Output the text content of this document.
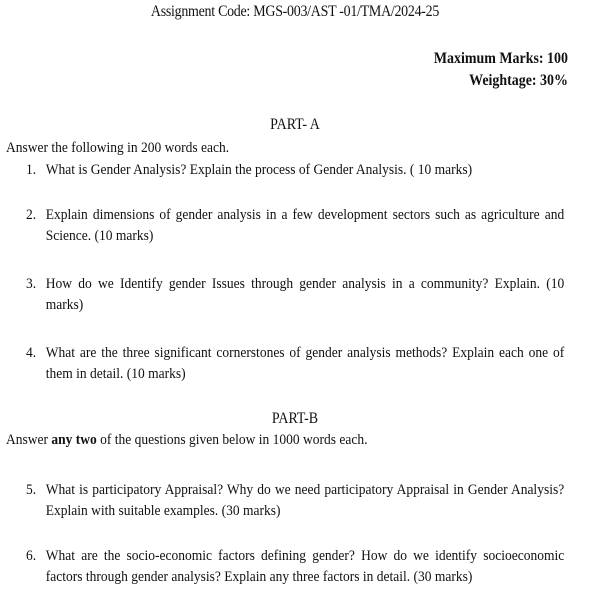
Assignment Code: MGS-003/AST -01/TMA/2024-25
Maximum Marks: 100
Weightage: 30%
PART- A
Answer the following in 200 words each.
1. What is Gender Analysis? Explain the process of Gender Analysis. ( 10 marks)
2. Explain dimensions of gender analysis in a few development sectors such as agriculture and Science. (10 marks)
3. How do we Identify gender Issues through gender analysis in a community? Explain. (10 marks)
4. What are the three significant cornerstones of gender analysis methods? Explain each one of them in detail. (10 marks)
PART-B
Answer any two of the questions given below in 1000 words each.
5. What is participatory Appraisal? Why do we need participatory Appraisal in Gender Analysis? Explain with suitable examples. (30 marks)
6. What are the socio-economic factors defining gender? How do we identify socioeconomic factors through gender analysis? Explain any three factors in detail. (30 marks)
